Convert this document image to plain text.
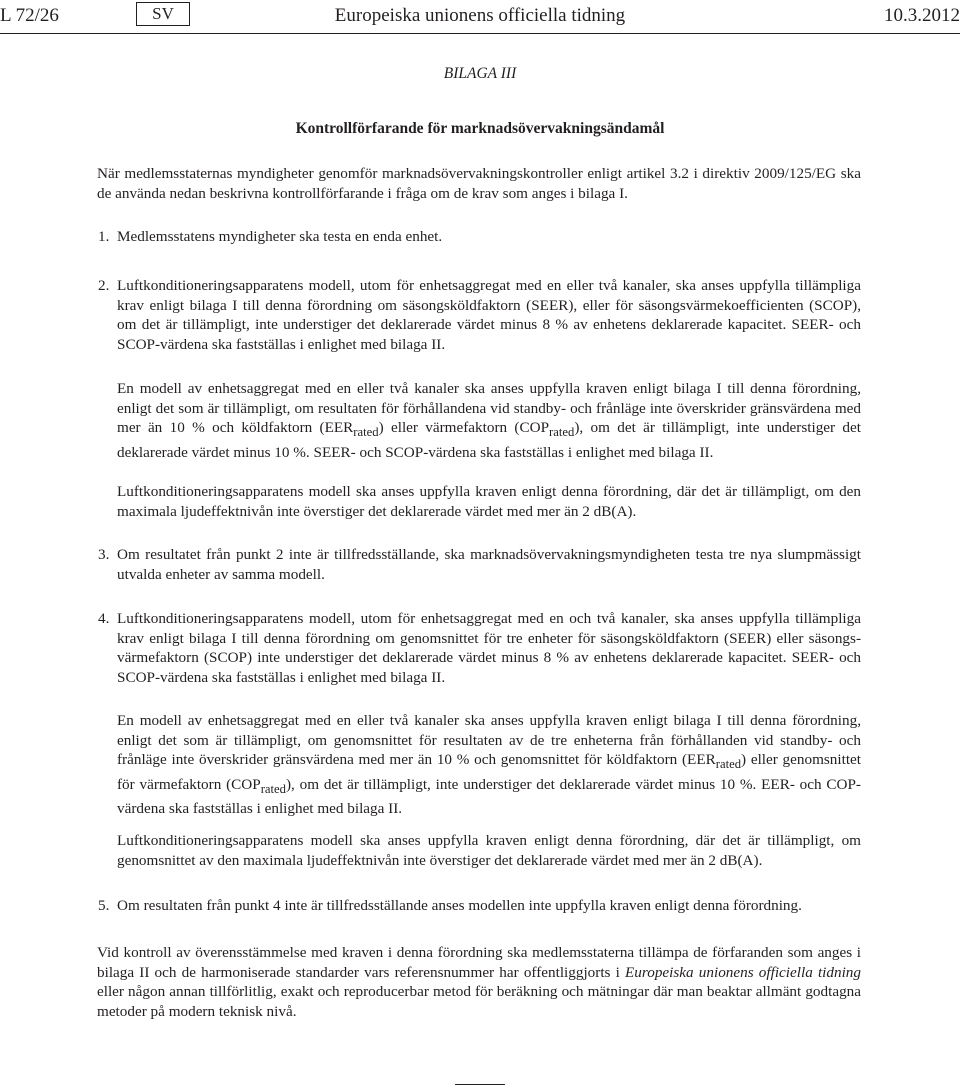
L 72/26	Europeiska unionens officiella tidning
SV	10.3.2012
BILAGA III
Kontrollförfarande för marknadsövervakningsändamål

När medlemsstaternas myndigheter genomför marknadsövervakningskontroller enligt artikel 3.2 i direktiv 2009/125/EG ska de använda nedan beskrivna kontrollförfarande i fråga om de krav som anges i bilaga I.

1. Medlemsstatens myndigheter ska testa en enda enhet.

2. Luftkonditioneringsapparatens modell, utom för enhetsaggregat med en eller två kanaler, ska anses uppfylla tillämpliga krav enligt bilaga I till denna förordning om säsongsköldfaktorn (SEER), eller för säsongsvärmekoefficienten (SCOP), om det är tillämpligt, inte understiger det deklarerade värdet minus 8 % av enhetens deklarerade kapacitet. SEER- och SCOP-värdena ska fastställas i enlighet med bilaga II.

En modell av enhetsaggregat med en eller två kanaler ska anses uppfylla kraven enligt bilaga I till denna förordning, enligt det som är tillämpligt, om resultaten för förhållandena vid standby- och frånläge inte överskrider gränsvärdena med mer än 10 % och köldfaktorn $(EER_{rated})$ eller värmefaktorn $(COP_{rated})$, om det är tillämpligt, inte understiger det deklarerade värdet minus 10 %. SEER- och SCOP-värdena ska fastställas i enlighet med bilaga II.

Luftkonditioneringsapparatens modell ska anses uppfylla kraven enligt denna förordning, där det är tillämpligt, om den maximala ljudeffektnivån inte överstiger det deklarerade värdet med mer än 2 dB(A).

3. Om resultatet från punkt 2 inte är tillfredsställande, ska marknadsövervakningsmyndigheten testa tre nya slumpmässigt utvalda enheter av samma modell.

4. Luftkonditioneringsapparatens modell, utom för enhetsaggregat med en och två kanaler, ska anses uppfylla tillämpliga krav enligt bilaga I till denna förordning om genomsnittet för tre enheter för säsongsköldfaktorn (SEER) eller säsongsvärmefaktorn (SCOP) inte understiger det deklarerade värdet minus 8 % av enhetens deklarerade kapacitet. SEER- och SCOP-värdena ska fastställas i enlighet med bilaga II.

En modell av enhetsaggregat med en eller två kanaler ska anses uppfylla kraven enligt bilaga I till denna förordning, enligt det som är tillämpligt, om genomsnittet för resultaten av de tre enheterna från förhållanden vid standby- och frånläge inte överskrider gränsvärdena med mer än 10 % och genomsnittet för köldfaktorn $(EER_{rated})$ eller genomsnittet för värmefaktorn $(COP_{rated})$, om det är tillämpligt, inte understiger det deklarerade värdet minus 10 %. EER- och COP-värdena ska fastställas i enlighet med bilaga II.

Luftkonditioneringsapparatens modell ska anses uppfylla kraven enligt denna förordning, där det är tillämpligt, om genomsnittet av den maximala ljudeffektnivån inte överstiger det deklarerade värdet med mer än 2 dB(A).

5. Om resultaten från punkt 4 inte är tillfredsställande anses modellen inte uppfylla kraven enligt denna förordning.

Vid kontroll av överensstämmelse med kraven i denna förordning ska medlemsstaterna tillämpa de förfaranden som anges i bilaga II och de harmoniserade standarder vars referensnummer har offentliggjorts i Europeiska unionens officiella tidning eller någon annan tillförlitlig, exakt och reproducerbar metod för beräkning och mätningar där man beaktar allmänt godtagna metoder på modern teknisk nivå.
